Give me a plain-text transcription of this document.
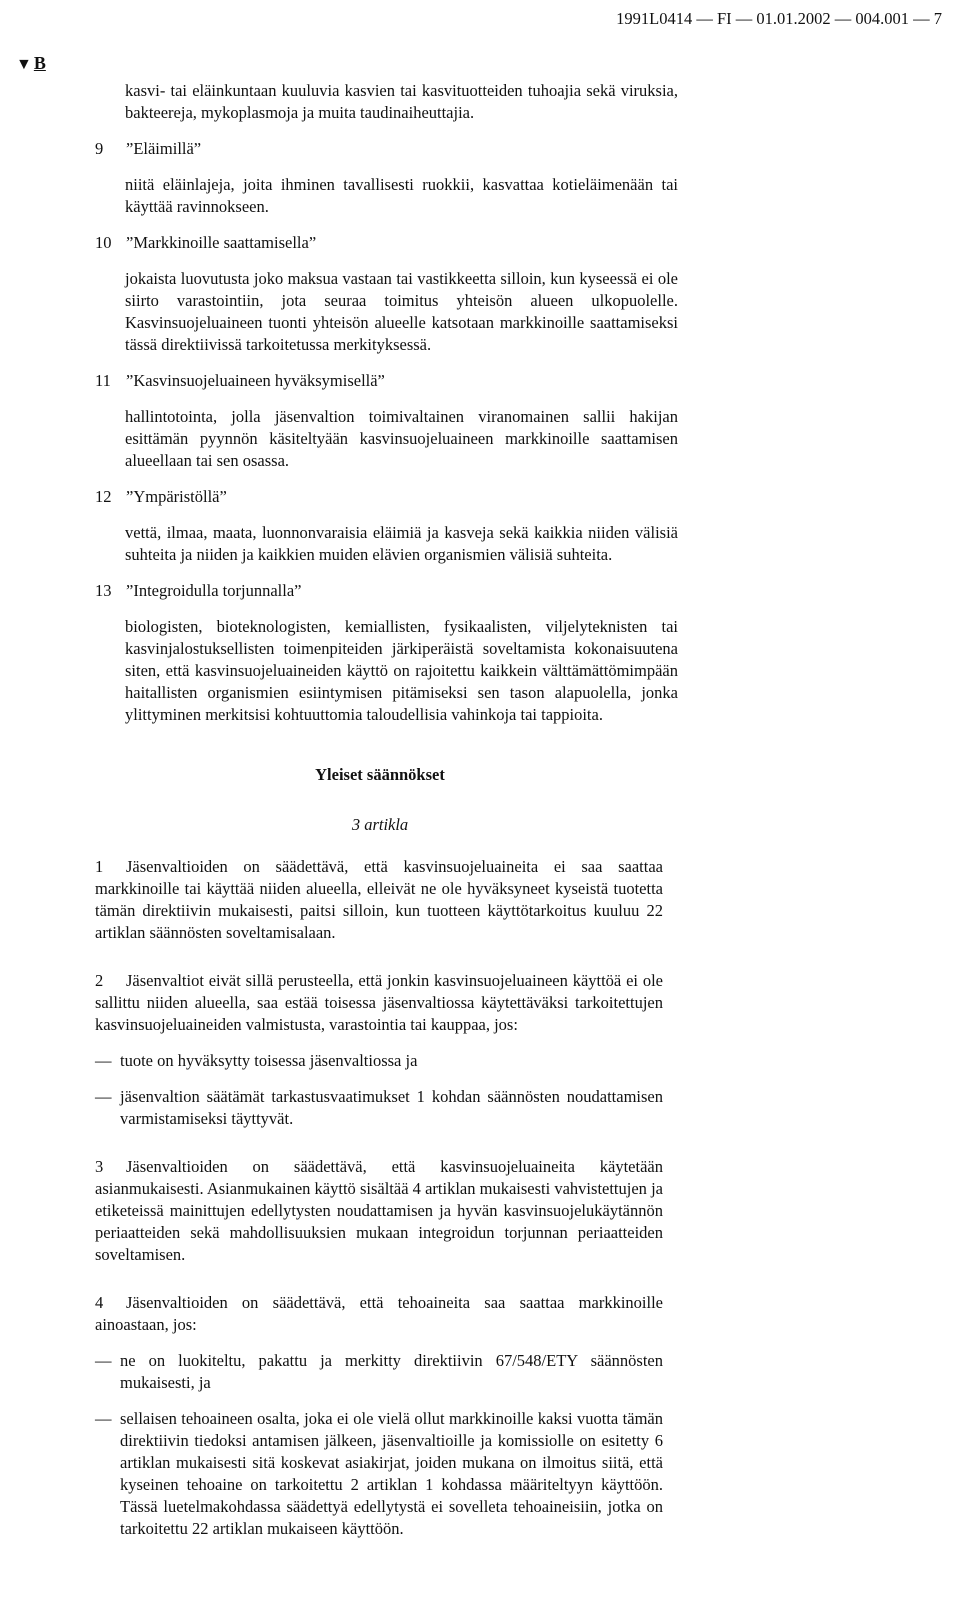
1991L0414 — FI — 01.01.2002 — 004.001 — 7
▼ B

kasvi- tai eläinkuntaan kuuluvia kasvien tai kasvituotteiden tuhoajia sekä viruksia, bakteereja, mykoplasmoja ja muita taudinaiheuttajia.

9 ”Eläimillä”

niitä eläinlajeja, joita ihminen tavallisesti ruokkii, kasvattaa kotieläimenään tai käyttää ravinnokseen.

10 ”Markkinoille saattamisella”

jokaista luovutusta joko maksua vastaan tai vastikkeetta silloin, kun kyseessä ei ole siirto varastointiin, jota seuraa toimitus yhteisön alueen ulkopuolelle. Kasvinsuojeluaineen tuonti yhteisön alueelle katsotaan markkinoille saattamiseksi tässä direktiivissä tarkoitetussa merkityksessä.

11 ”Kasvinsuojeluaineen hyväksymisellä”

hallintotointa, jolla jäsenvaltion toimivaltainen viranomainen sallii hakijan esittämän pyynnön käsiteltyään kasvinsuojeluaineen markkinoille saattamisen alueellaan tai sen osassa.

12 ”Ympäristöllä”

vettä, ilmaa, maata, luonnonvaraisia eläimiä ja kasveja sekä kaikkia niiden välisiä suhteita ja niiden ja kaikkien muiden elävien organismien välisiä suhteita.

13 ”Integroidulla torjunnalla”

biologisten, bioteknologisten, kemiallisten, fysikaalisten, viljelyteknisten tai kasvinjalostuksellisten toimenpiteiden järkiperäistä soveltamista kokonaisuutena siten, että kasvinsuojeluaineiden käyttö on rajoitettu kaikkein välttämättömimpään haitallisten organismien esiintymisen pitämiseksi sen tason alapuolella, jonka ylittyminen merkitsisi kohtuuttomia taloudellisia vahinkoja tai tappioita.

Yleiset säännökset
3 artikla

1 Jäsenvaltioiden on säädettävä, että kasvinsuojeluaineita ei saa saattaa markkinoille tai käyttää niiden alueella, elleivät ne ole hyväksyneet kyseistä tuotetta tämän direktiivin mukaisesti, paitsi silloin, kun tuotteen käyttötarkoitus kuuluu 22 artiklan säännösten soveltamisalaan.

2 Jäsenvaltiot eivät sillä perusteella, että jonkin kasvinsuojeluaineen käyttöä ei ole sallittu niiden alueella, saa estää toisessa jäsenvaltiossa käytettäväksi tarkoitettujen kasvinsuojeluaineiden valmistusta, varastointia tai kauppaa, jos:

— tuote on hyväksytty toisessa jäsenvaltiossa ja
— jäsenvaltion säätämät tarkastusvaatimukset 1 kohdan säännösten noudattamisen varmistamiseksi täyttyvät.

3 Jäsenvaltioiden on säädettävä, että kasvinsuojeluaineita käytetään asianmukaisesti. Asianmukainen käyttö sisältää 4 artiklan mukaisesti vahvistettujen ja etiketeissä mainittujen edellytysten noudattamisen ja hyvän kasvinsuojelukäytännön periaatteiden sekä mahdollisuuksien mukaan integroidun torjunnan periaatteiden soveltamisen.

4 Jäsenvaltioiden on säädettävä, että tehoaineita saa saattaa markkinoille ainoastaan, jos:

— ne on luokiteltu, pakattu ja merkitty direktiivin 67/548/ETY säännösten mukaisesti, ja
— sellaisen tehoaineen osalta, joka ei ole vielä ollut markkinoille kaksi vuotta tämän direktiivin tiedoksi antamisen jälkeen, jäsenvaltioille ja komissiolle on esitetty 6 artiklan mukaisesti sitä koskevat asiakirjat, joiden mukana on ilmoitus siitä, että kyseinen tehoaine on tarkoitettu 2 artiklan 1 kohdassa määriteltyyn käyttöön. Tässä luetelmakohdassa säädettyä edellytystä ei sovelleta tehoaineisiin, jotka on tarkoitettu 22 artiklan mukaiseen käyttöön.
